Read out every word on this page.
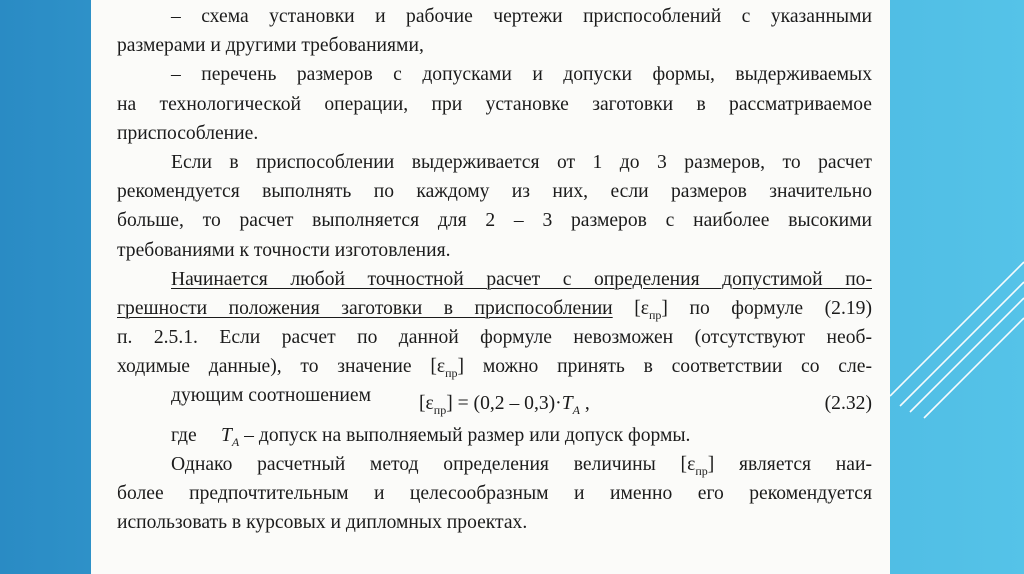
– схема установки и рабочие чертежи приспособлений с указанными
размерами и другими требованиями,
– перечень размеров с допусками и допуски формы, выдерживаемых
на технологической операции, при установке заготовки в рассматриваемое
приспособление.
Если в приспособлении выдерживается от 1 до 3 размеров, то расчет
рекомендуется выполнять по каждому из них, если размеров значительно
больше, то расчет выполняется для 2 – 3 размеров с наиболее высокими
требованиями к точности изготовления.
Начинается любой точностной расчет с определения допустимой по-
грешности положения заготовки в приспособлении $[\varepsilon_{пр}]$ по формуле (2.19)
п. 2.5.1. Если расчет по данной формуле невозможен (отсутствуют необ-
ходимые данные), то значение $[\varepsilon_{пр}]$ можно принять в соответствии со сле-
дующим соотношением $[\varepsilon_{пр}] = (0,2 - 0,3)\cdot T_A$ ,	(2.32)
где $T_A$ – допуск на выполняемый размер или допуск формы.
Однако расчетный метод определения величины $[\varepsilon_{пр}]$ является наи-
более предпочтительным и целесообразным и именно его рекомендуется
использовать в курсовых и дипломных проектах.
